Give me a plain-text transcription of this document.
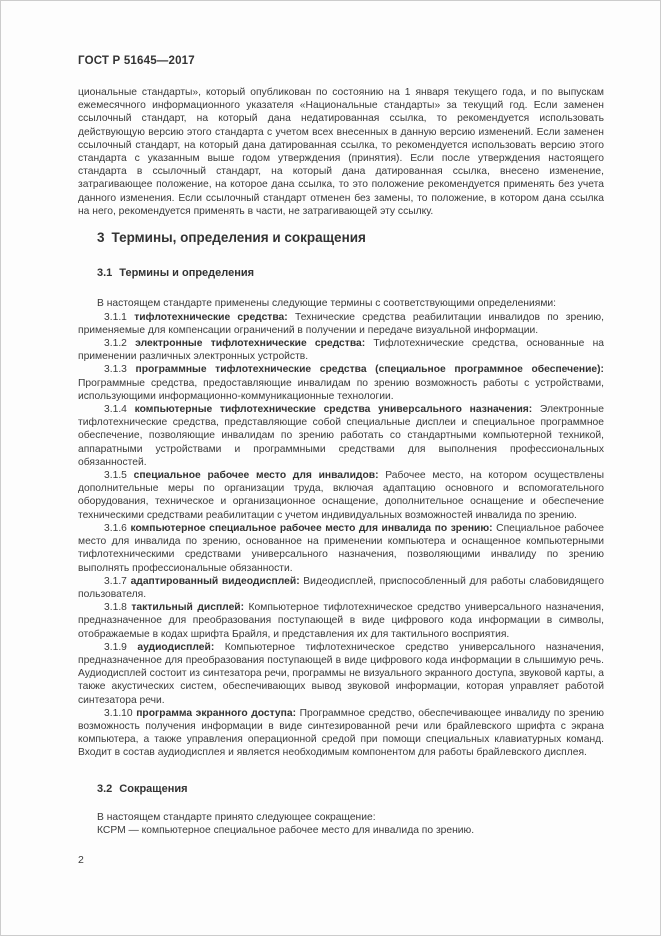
ГОСТ Р 51645—2017

циональные стандарты», который опубликован по состоянию на 1 января текущего года, и по выпускам ежемесячного информационного указателя «Национальные стандарты» за текущий год. Если заменен ссылочный стандарт, на который дана недатированная ссылка, то рекомендуется использовать действующую версию этого стандарта с учетом всех внесенных в данную версию изменений. Если заменен ссылочный стандарт, на который дана датированная ссылка, то рекомендуется использовать версию этого стандарта с указанным выше годом утверждения (принятия). Если после утверждения настоящего стандарта в ссылочный стандарт, на который дана датированная ссылка, внесено изменение, затрагивающее положение, на которое дана ссылка, то это положение рекомендуется применять без учета данного изменения. Если ссылочный стандарт отменен без замены, то положение, в котором дана ссылка на него, рекомендуется применять в части, не затрагивающей эту ссылку.

3 Термины, определения и сокращения

3.1 Термины и определения

В настоящем стандарте применены следующие термины с соответствующими определениями:

3.1.1 тифлотехнические средства: Технические средства реабилитации инвалидов по зрению, применяемые для компенсации ограничений в получении и передаче визуальной информации.

3.1.2 электронные тифлотехнические средства: Тифлотехнические средства, основанные на применении различных электронных устройств.

3.1.3 программные тифлотехнические средства (специальное программное обеспечение): Программные средства, предоставляющие инвалидам по зрению возможность работы с устройствами, использующими информационно-коммуникационные технологии.

3.1.4 компьютерные тифлотехнические средства универсального назначения: Электронные тифлотехнические средства, представляющие собой специальные дисплеи и специальное программное обеспечение, позволяющие инвалидам по зрению работать со стандартными компьютерной техникой, аппаратными устройствами и программными средствами для выполнения профессиональных обязанностей.

3.1.5 специальное рабочее место для инвалидов: Рабочее место, на котором осуществлены дополнительные меры по организации труда, включая адаптацию основного и вспомогательного оборудования, техническое и организационное оснащение, дополнительное оснащение и обеспечение техническими средствами реабилитации с учетом индивидуальных возможностей инвалида по зрению.

3.1.6 компьютерное специальное рабочее место для инвалида по зрению: Специальное рабочее место для инвалида по зрению, основанное на применении компьютера и оснащенное компьютерными тифлотехническими средствами универсального назначения, позволяющими инвалиду по зрению выполнять профессиональные обязанности.

3.1.7 адаптированный видеодисплей: Видеодисплей, приспособленный для работы слабовидящего пользователя.

3.1.8 тактильный дисплей: Компьютерное тифлотехническое средство универсального назначения, предназначенное для преобразования поступающей в виде цифрового кода информации в символы, отображаемые в кодах шрифта Брайля, и представления их для тактильного восприятия.

3.1.9 аудиодисплей: Компьютерное тифлотехническое средство универсального назначения, предназначенное для преобразования поступающей в виде цифрового кода информации в слышимую речь. Аудиодисплей состоит из синтезатора речи, программы не визуального экранного доступа, звуковой карты, а также акустических систем, обеспечивающих вывод звуковой информации, которая управляет работой синтезатора речи.

3.1.10 программа экранного доступа: Программное средство, обеспечивающее инвалиду по зрению возможность получения информации в виде синтезированной речи или брайлевского шрифта с экрана компьютера, а также управления операционной средой при помощи специальных клавиатурных команд. Входит в состав аудиодисплея и является необходимым компонентом для работы брайлевского дисплея.

3.2 Сокращения

В настоящем стандарте принято следующее сокращение:

КСРМ — компьютерное специальное рабочее место для инвалида по зрению.

2
